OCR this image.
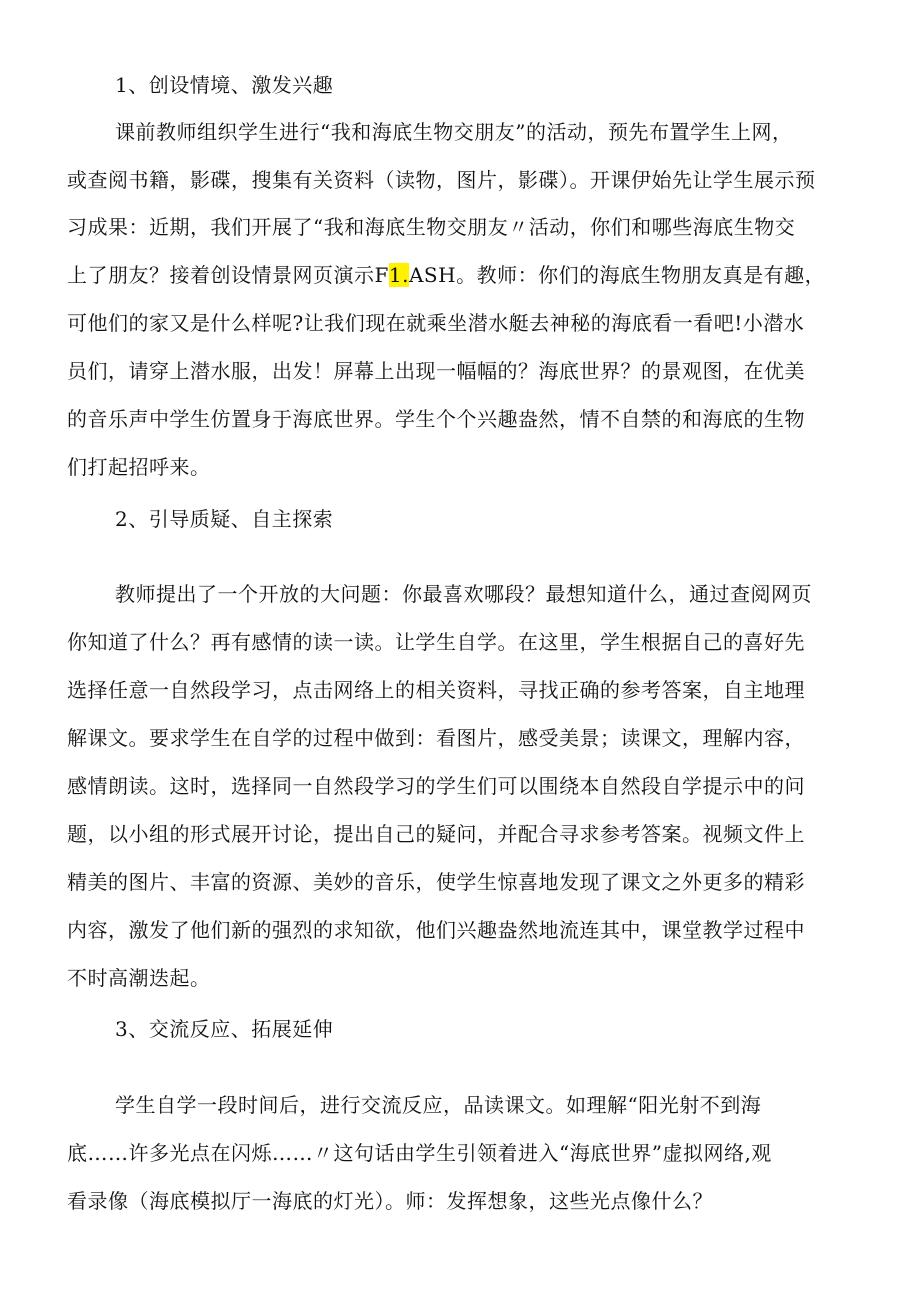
1、创设情境、激发兴趣
课前教师组织学生进行“我和海底生物交朋友”的活动，预先布置学生上网，
或查阅书籍，影碟，搜集有关资料（读物，图片，影碟）。开课伊始先让学生展示预
习成果：近期，我们开展了“我和海底生物交朋友〃活动，你们和哪些海底生物交
上了朋友？接着创设情景网页演示F1.ASH。教师：你们的海底生物朋友真是有趣，
可他们的家又是什么样呢?让我们现在就乘坐潜水艇去神秘的海底看一看吧!小潜水
员们，请穿上潜水服，出发！屏幕上出现一幅幅的？海底世界？的景观图，在优美
的音乐声中学生仿置身于海底世界。学生个个兴趣盎然，情不自禁的和海底的生物
们打起招呼来。
2、引导质疑、自主探索
教师提出了一个开放的大问题：你最喜欢哪段？最想知道什么，通过查阅网页
你知道了什么？再有感情的读一读。让学生自学。在这里，学生根据自己的喜好先
选择任意一自然段学习，点击网络上的相关资料，寻找正确的参考答案，自主地理
解课文。要求学生在自学的过程中做到：看图片，感受美景；读课文，理解内容，
感情朗读。这时，选择同一自然段学习的学生们可以围绕本自然段自学提示中的问
题，以小组的形式展开讨论，提出自己的疑问，并配合寻求参考答案。视频文件上
精美的图片、丰富的资源、美妙的音乐，使学生惊喜地发现了课文之外更多的精彩
内容，激发了他们新的强烈的求知欲，他们兴趣盎然地流连其中，课堂教学过程中
不时高潮迭起。
3、交流反应、拓展延伸
学生自学一段时间后，进行交流反应，品读课文。如理解“阳光射不到海
底……许多光点在闪烁……〃这句话由学生引领着进入“海底世界”虚拟网络,观
看录像（海底模拟厅一海底的灯光）。师：发挥想象，这些光点像什么？
